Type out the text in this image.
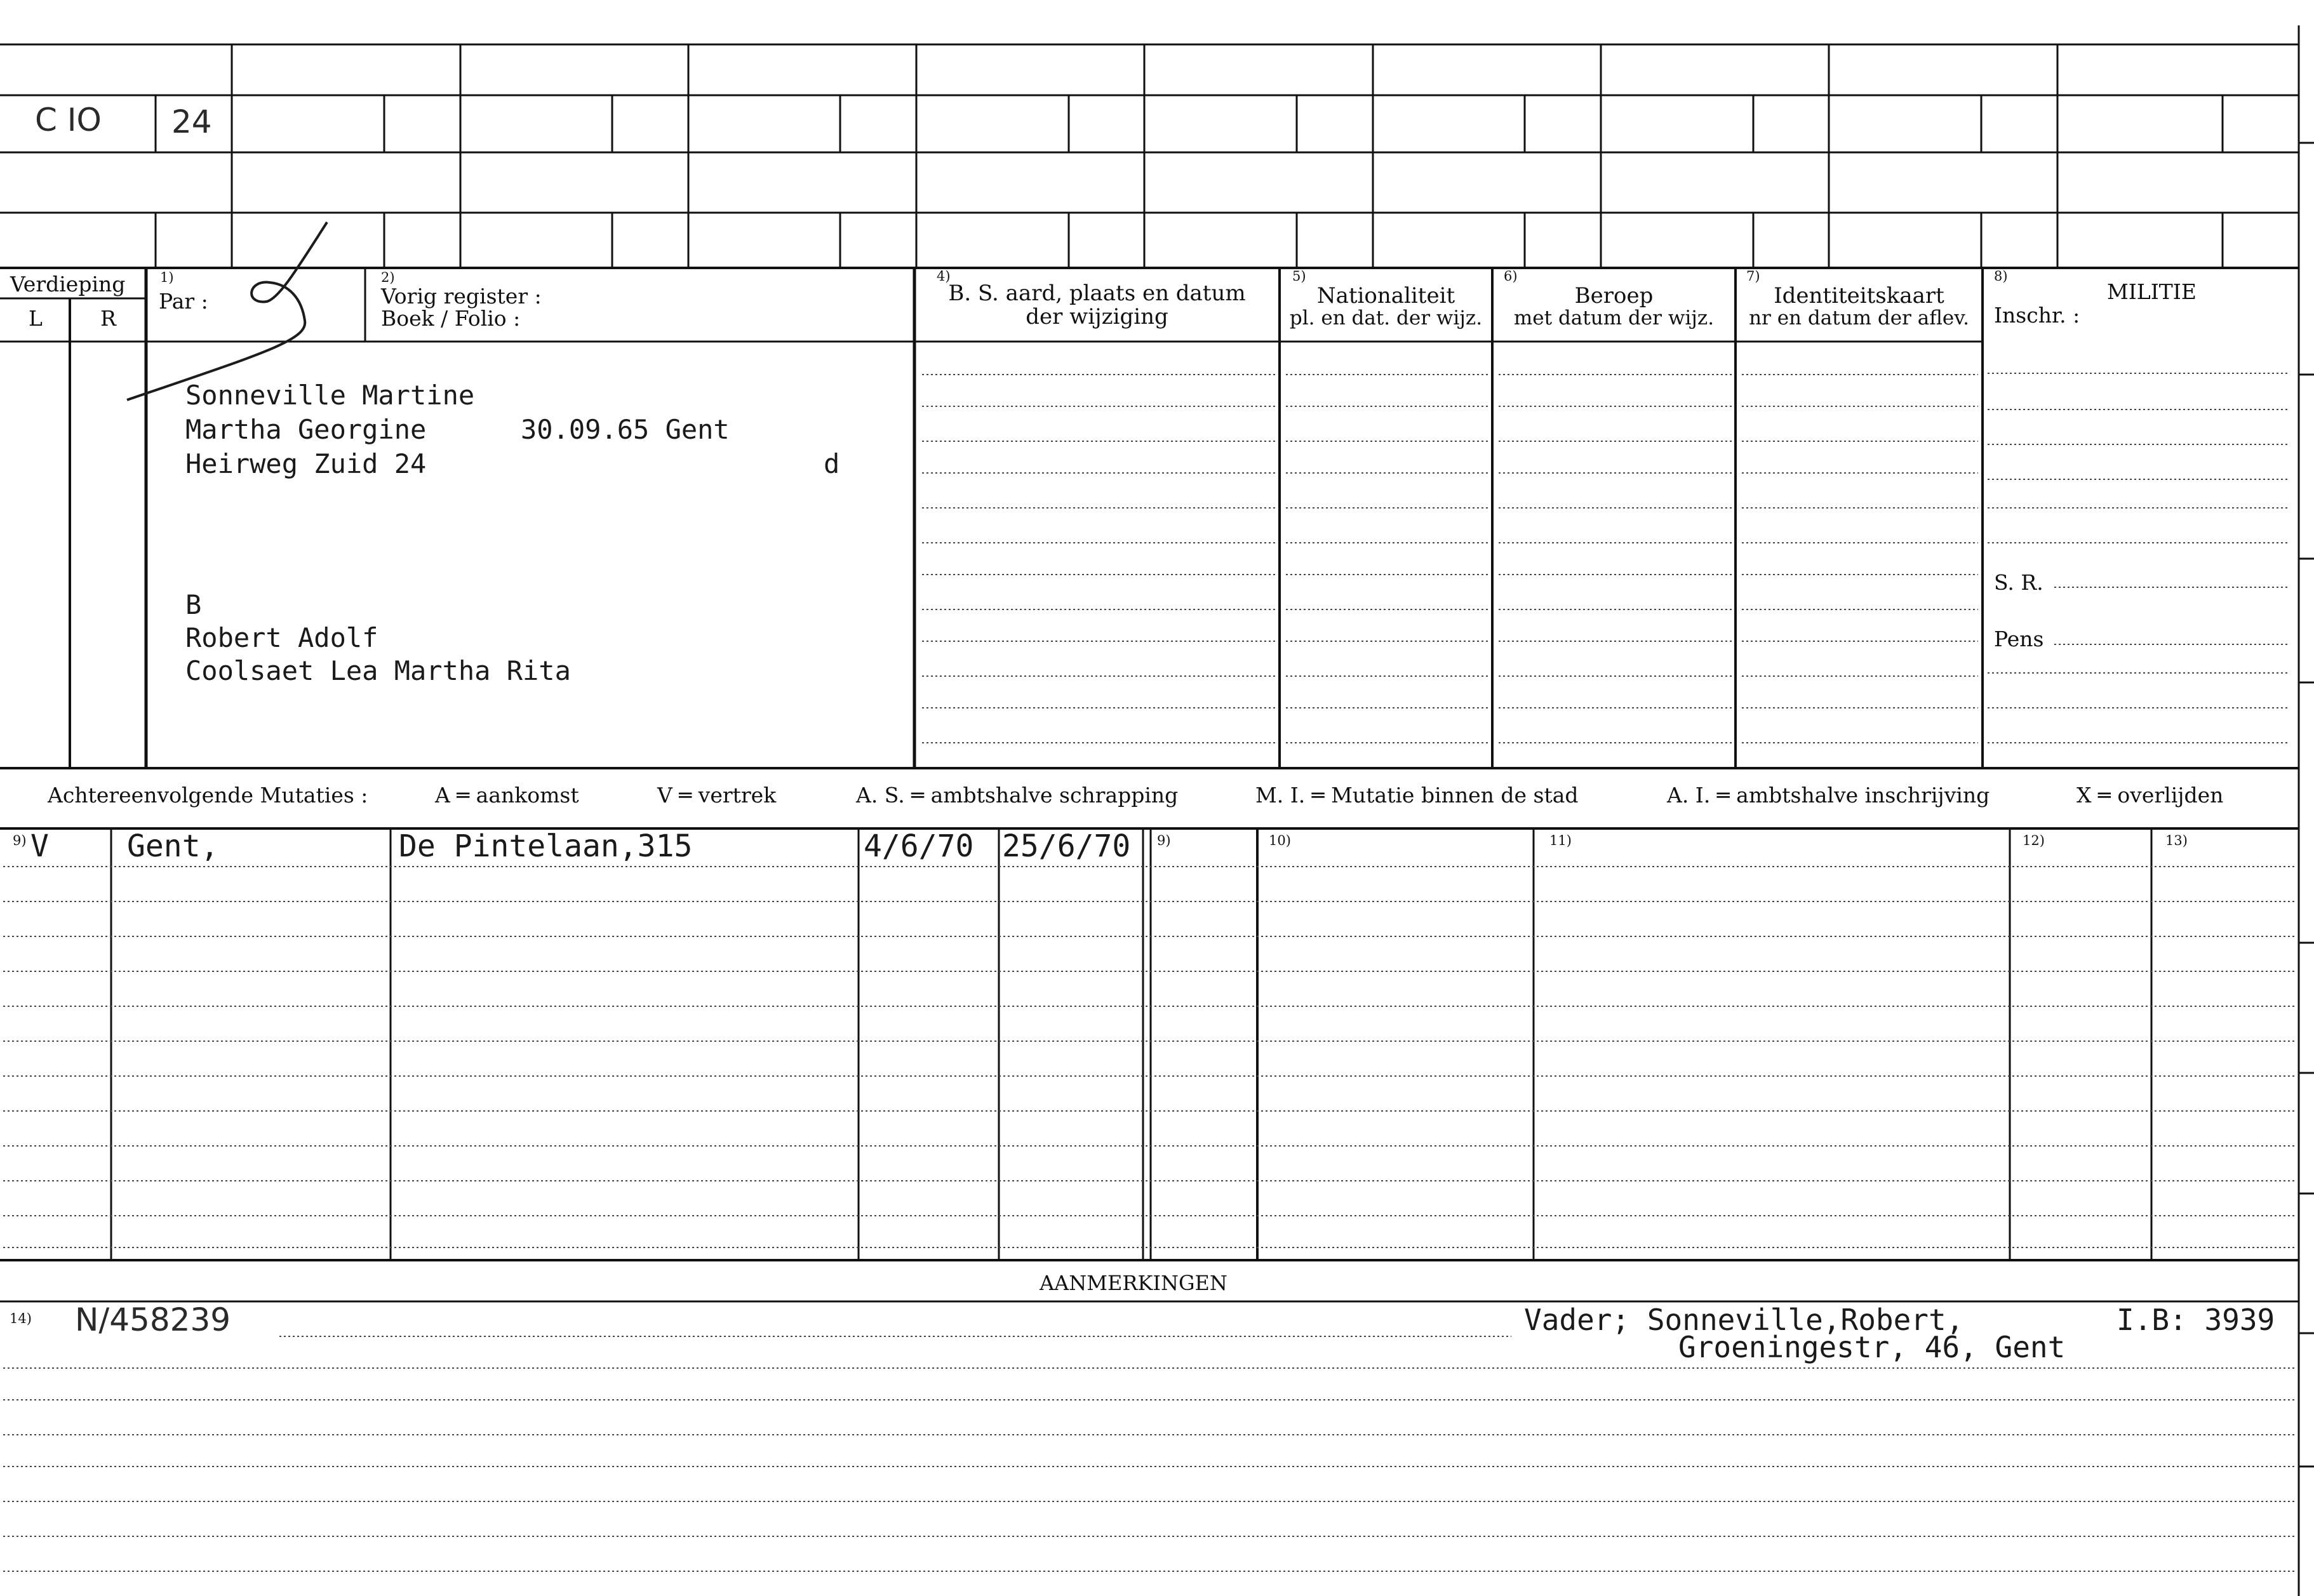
C IO 24
Verdieping
L	R
1)
Par :
2)
Vorig register :
Boek / Folio :
4)
B. S. aard, plaats en datum
der wijziging
5)
Nationaliteit
pl. en dat. der wijz.
6)
Beroep
met datum der wijz.
7)
Identiteitskaart
nr en datum der aflev.
8)
MILITIE
Inschr. :
S. R.
Pens
Sonneville Martine
Martha Georgine	30.09.65 Gent
Heirweg Zuid 24	d
B
Robert Adolf
Coolsaet Lea Martha Rita
Achtereenvolgende Mutaties :	A ═ aankomst	V ═ vertrek	A. S. ═ ambtshalve schrapping	M. I. ═ Mutatie binnen de stad	A. I. ═ ambtshalve inschrijving	X ═ overlijden
9)	9)	10)	11)	12)	13)
V	Gent,	De Pintelaan,315	4/6/70 25/6/70
AANMERKINGEN
14) N/458239	Vader; Sonneville,Robert,
Groeningestr, 46, Gent
I.B: 3939
